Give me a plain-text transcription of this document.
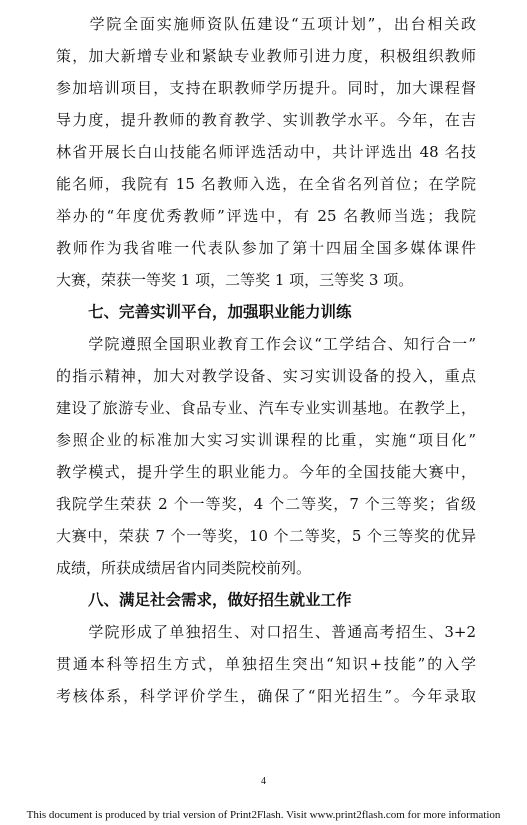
　　学院全面实施师资队伍建设“五项计划”，出台相关政
策，加大新增专业和紧缺专业教师引进力度，积极组织教师
参加培训项目，支持在职教师学历提升。同时，加大课程督
导力度，提升教师的教育教学、实训教学水平。今年，在吉
林省开展长白山技能名师评选活动中，共计评选出 48 名技
能名师，我院有 15 名教师入选，在全省名列首位；在学院
举办的“年度优秀教师”评选中，有 25 名教师当选；我院
教师作为我省唯一代表队参加了第十四届全国多媒体课件
大赛，荣获一等奖 1 项，二等奖 1 项，三等奖 3 项。
七、完善实训平台，加强职业能力训练
　　学院遵照全国职业教育工作会议“工学结合、知行合一”
的指示精神，加大对教学设备、实习实训设备的投入，重点
建设了旅游专业、食品专业、汽车专业实训基地。在教学上，
参照企业的标准加大实习实训课程的比重，实施“项目化”
教学模式，提升学生的职业能力。今年的全国技能大赛中，
我院学生荣获 2 个一等奖，4 个二等奖，7 个三等奖；省级
大赛中，荣获 7 个一等奖，10 个二等奖，5 个三等奖的优异
成绩，所获成绩居省内同类院校前列。
八、满足社会需求，做好招生就业工作
　　学院形成了单独招生、对口招生、普通高考招生、3+2
贯通本科等招生方式，单独招生突出“知识+技能”的入学
考核体系，科学评价学生，确保了“阳光招生”。今年录取
4
This document is produced by trial version of Print2Flash. Visit www.print2flash.com for more information
